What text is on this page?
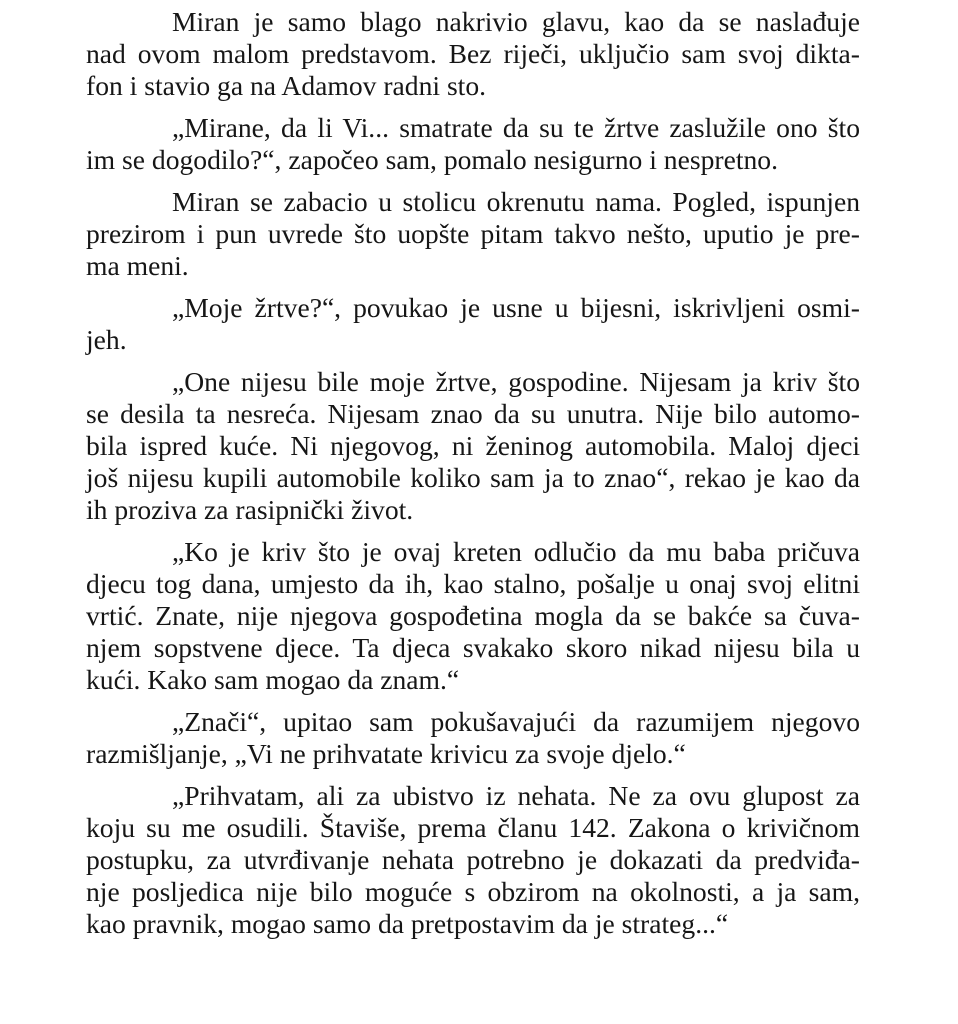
Miran je samo blago nakrivio glavu, kao da se naslađuje
nad ovom malom predstavom. Bez riječi, uključio sam svoj dikta-
fon i stavio ga na Adamov radni sto.
„Mirane, da li Vi... smatrate da su te žrtve zaslužile ono što
im se dogodilo?“, započeo sam, pomalo nesigurno i nespretno.
Miran se zabacio u stolicu okrenutu nama. Pogled, ispunjen
prezirom i pun uvrede što uopšte pitam takvo nešto, uputio je pre-
ma meni.
„Moje žrtve?“, povukao je usne u bijesni, iskrivljeni osmi-
jeh.
„One nijesu bile moje žrtve, gospodine. Nijesam ja kriv što
se desila ta nesreća. Nijesam znao da su unutra. Nije bilo automo-
bila ispred kuće. Ni njegovog, ni ženinog automobila. Maloj djeci
još nijesu kupili automobile koliko sam ja to znao“, rekao je kao da
ih proziva za rasipnički život.
„Ko je kriv što je ovaj kreten odlučio da mu baba pričuva
djecu tog dana, umjesto da ih, kao stalno, pošalje u onaj svoj elitni
vrtić. Znate, nije njegova gospođetina mogla da se bakće sa čuva-
njem sopstvene djece. Ta djeca svakako skoro nikad nijesu bila u
kući. Kako sam mogao da znam.“
„Znači“, upitao sam pokušavajući da razumijem njegovo
razmišljanje, „Vi ne prihvatate krivicu za svoje djelo.“
„Prihvatam, ali za ubistvo iz nehata. Ne za ovu glupost za
koju su me osudili. Štaviše, prema članu 142. Zakona o krivičnom
postupku, za utvrđivanje nehata potrebno je dokazati da predviđa-
nje posljedica nije bilo moguće s obzirom na okolnosti, a ja sam,
kao pravnik, mogao samo da pretpostavim da je strateg...“
